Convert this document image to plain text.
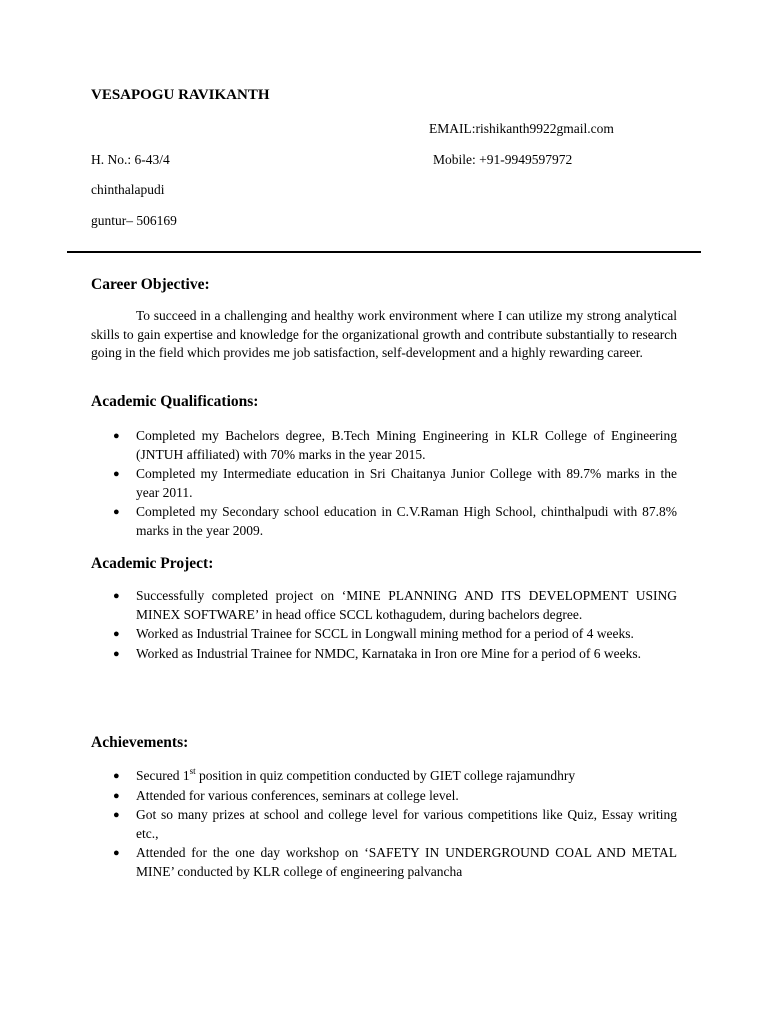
VESAPOGU RAVIKANTH
EMAIL:rishikanth9922gmail.com
H. No.: 6-43/4	Mobile: +91-9949597972
chinthalapudi
guntur– 506169
Career Objective:
To succeed in a challenging and healthy work environment where I can utilize my strong analytical skills to gain expertise and knowledge for the organizational growth and contribute substantially to research going in the field which provides me job satisfaction, self-development and a highly rewarding career.
Academic Qualifications:
● Completed my Bachelors degree, B.Tech Mining Engineering in KLR College of Engineering (JNTUH affiliated) with 70% marks in the year 2015.
● Completed my Intermediate education in Sri Chaitanya Junior College with 89.7% marks in the year 2011.
● Completed my Secondary school education in C.V.Raman High School, chinthalpudi with 87.8% marks in the year 2009.
Academic Project:
● Successfully completed project on ‘MINE PLANNING AND ITS DEVELOPMENT USING MINEX SOFTWARE’ in head office SCCL kothagudem, during bachelors degree.
● Worked as Industrial Trainee for SCCL in Longwall mining method for a period of 4 weeks.
● Worked as Industrial Trainee for NMDC, Karnataka in Iron ore Mine for a period of 6 weeks.
Achievements:
● Secured 1st position in quiz competition conducted by GIET college rajamundhry
● Attended for various conferences, seminars at college level.
● Got so many prizes at school and college level for various competitions like Quiz, Essay writing etc.,
● Attended for the one day workshop on ‘SAFETY IN UNDERGROUND COAL AND METAL MINE’ conducted by KLR college of engineering palvancha
